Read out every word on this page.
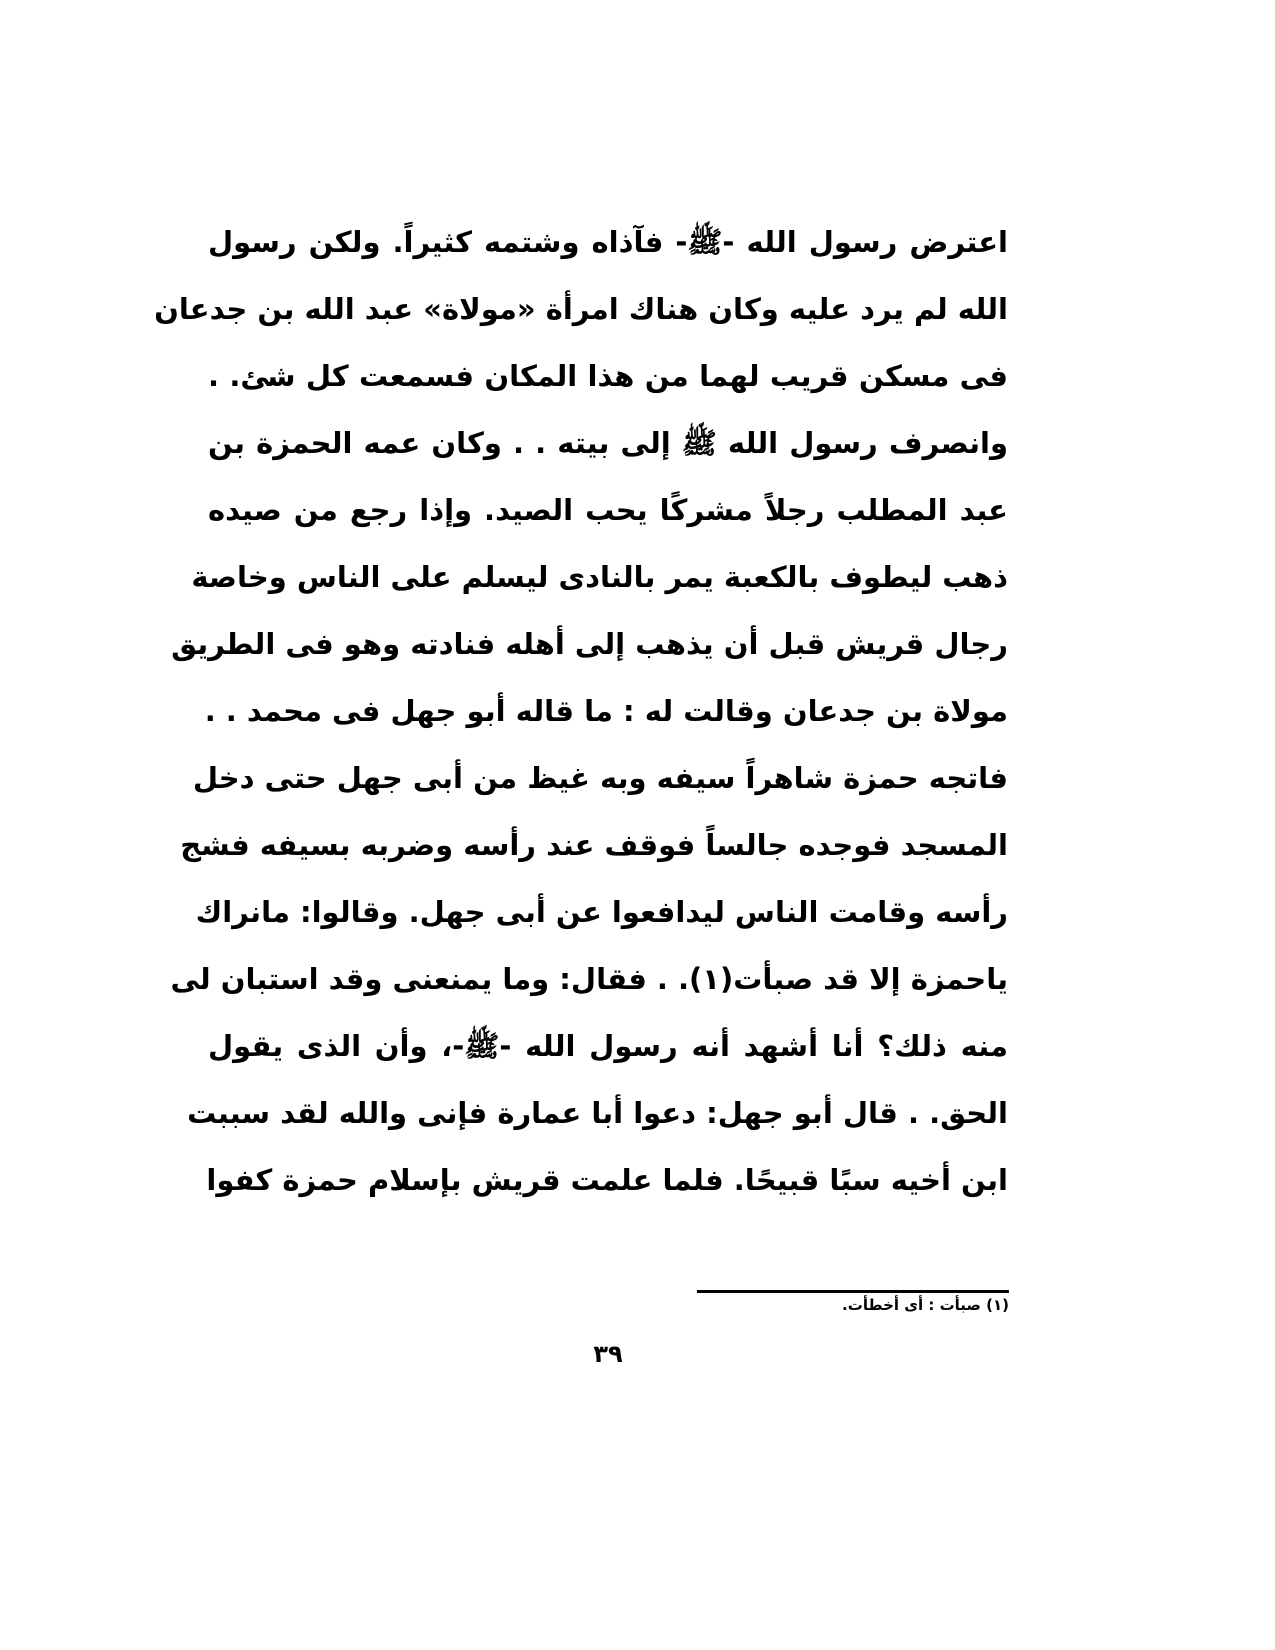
اعترض رسول الله -ﷺ- فآذاه وشتمه كثيراً. ولكن رسول
الله لم يرد عليه وكان هناك امرأة «مولاة» عبد الله بن جدعان
فى مسكن قريب لهما من هذا المكان فسمعت كل شئ. .
وانصرف رسول الله ﷺ إلى بيته . . وكان عمه الحمزة بن
عبد المطلب رجلاً مشركًا يحب الصيد. وإذا رجع من صيده
ذهب ليطوف بالكعبة يمر بالنادى ليسلم على الناس وخاصة
رجال قريش قبل أن يذهب إلى أهله فنادته وهو فى الطريق
مولاة بن جدعان وقالت له : ما قاله أبو جهل فى محمد . .
فاتجه حمزة شاهراً سيفه وبه غيظ من أبى جهل حتى دخل
المسجد فوجده جالساً فوقف عند رأسه وضربه بسيفه فشج
رأسه وقامت الناس ليدافعوا عن أبى جهل. وقالوا: مانراك
ياحمزة إلا قد صبأت(١). . فقال: وما يمنعنى وقد استبان لى
منه ذلك؟ أنا أشهد أنه رسول الله -ﷺ-، وأن الذى يقول
الحق. . قال أبو جهل: دعوا أبا عمارة فإنى والله لقد سببت
ابن أخيه سبًا قبيحًا. فلما علمت قريش بإسلام حمزة كفوا
(١) صبأت : أى أخطأت.
٣٩
